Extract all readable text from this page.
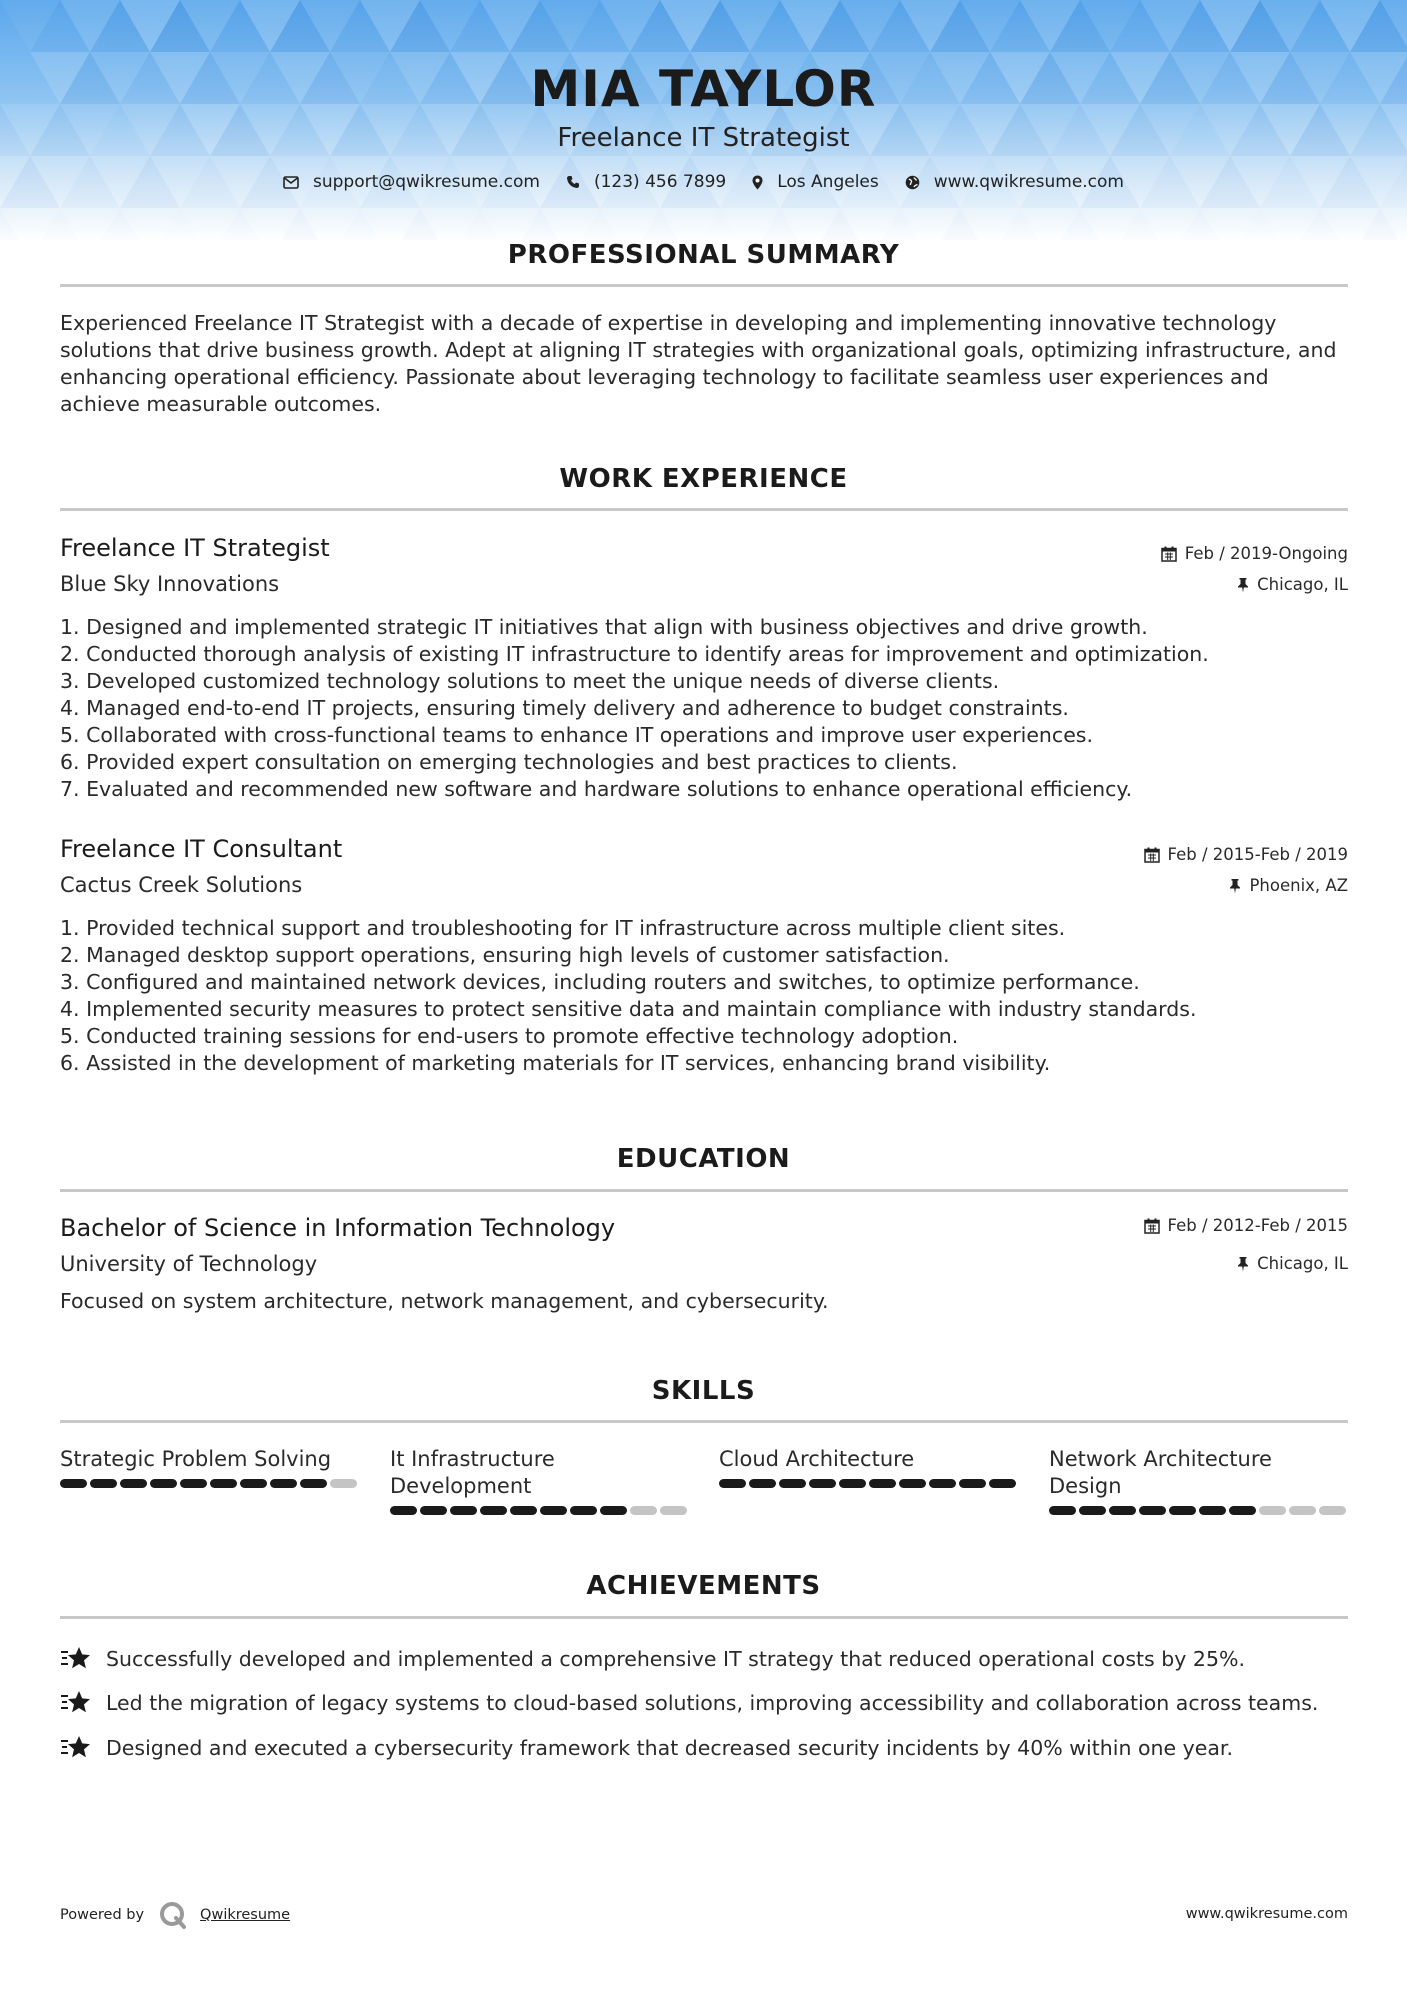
MIA TAYLOR
Freelance IT Strategist
support@qwikresume.com	(123) 456 7899	Los Angeles	www.qwikresume.com
PROFESSIONAL SUMMARY
Experienced Freelance IT Strategist with a decade of expertise in developing and implementing innovative technology solutions that drive business growth. Adept at aligning IT strategies with organizational goals, optimizing infrastructure, and enhancing operational efficiency. Passionate about leveraging technology to facilitate seamless user experiences and achieve measurable outcomes.
WORK EXPERIENCE
Freelance IT Strategist	Feb / 2019-Ongoing
Blue Sky Innovations	Chicago, IL
1. Designed and implemented strategic IT initiatives that align with business objectives and drive growth.
2. Conducted thorough analysis of existing IT infrastructure to identify areas for improvement and optimization.
3. Developed customized technology solutions to meet the unique needs of diverse clients.
4. Managed end-to-end IT projects, ensuring timely delivery and adherence to budget constraints.
5. Collaborated with cross-functional teams to enhance IT operations and improve user experiences.
6. Provided expert consultation on emerging technologies and best practices to clients.
7. Evaluated and recommended new software and hardware solutions to enhance operational efficiency.
Freelance IT Consultant	Feb / 2015-Feb / 2019
Cactus Creek Solutions	Phoenix, AZ
1. Provided technical support and troubleshooting for IT infrastructure across multiple client sites.
2. Managed desktop support operations, ensuring high levels of customer satisfaction.
3. Configured and maintained network devices, including routers and switches, to optimize performance.
4. Implemented security measures to protect sensitive data and maintain compliance with industry standards.
5. Conducted training sessions for end-users to promote effective technology adoption.
6. Assisted in the development of marketing materials for IT services, enhancing brand visibility.
EDUCATION
Bachelor of Science in Information Technology	Feb / 2012-Feb / 2015
University of Technology	Chicago, IL
Focused on system architecture, network management, and cybersecurity.
SKILLS
Strategic Problem Solving	It Infrastructure Development
Cloud Architecture	Network Architecture Design
ACHIEVEMENTS
Successfully developed and implemented a comprehensive IT strategy that reduced operational costs by 25%.
Led the migration of legacy systems to cloud-based solutions, improving accessibility and collaboration across teams.
Designed and executed a cybersecurity framework that decreased security incidents by 40% within one year.
Powered by	Qwikresume	www.qwikresume.com
